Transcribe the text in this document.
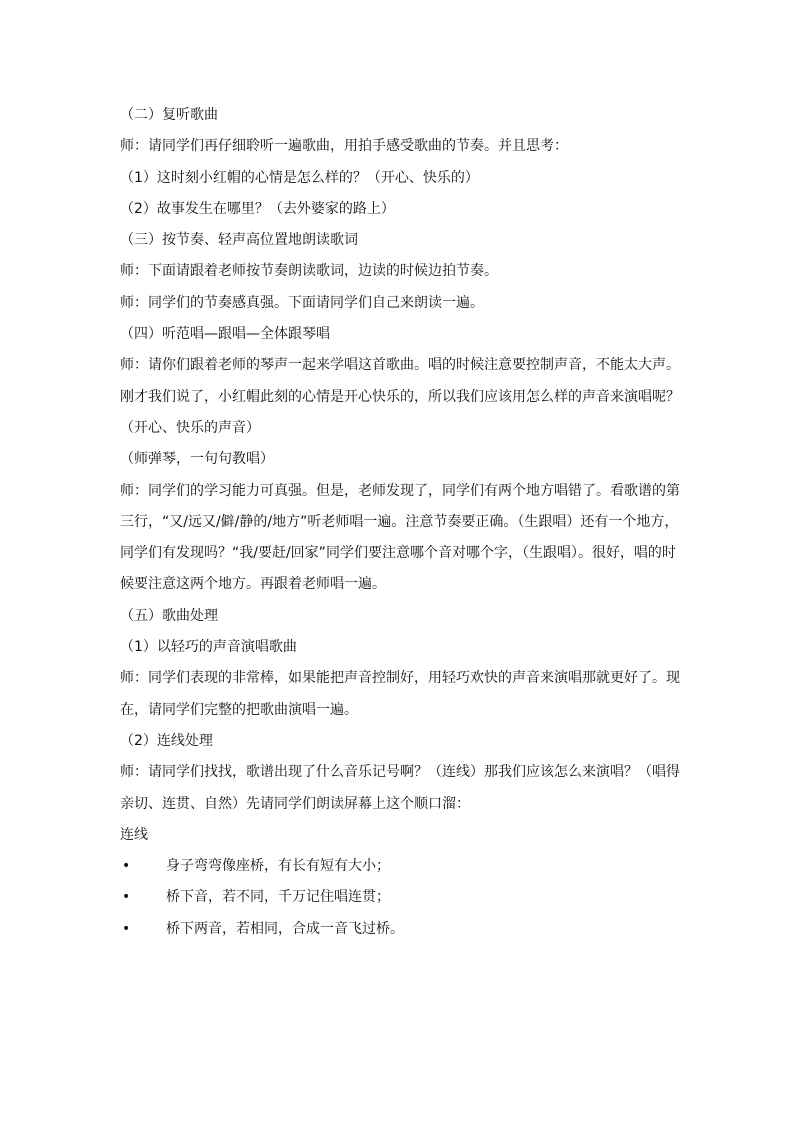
（二）复听歌曲
师：请同学们再仔细聆听一遍歌曲，用拍手感受歌曲的节奏。并且思考：
（1）这时刻小红帽的心情是怎么样的？（开心、快乐的）
（2）故事发生在哪里？（去外婆家的路上）
（三）按节奏、轻声高位置地朗读歌词
师：下面请跟着老师按节奏朗读歌词，边读的时候边拍节奏。
师：同学们的节奏感真强。下面请同学们自己来朗读一遍。
（四）听范唱—跟唱—全体跟琴唱
师：请你们跟着老师的琴声一起来学唱这首歌曲。唱的时候注意要控制声音，不能太大声。刚才我们说了，小红帽此刻的心情是开心快乐的，所以我们应该用怎么样的声音来演唱呢？
（开心、快乐的声音）
（师弹琴，一句句教唱）
师：同学们的学习能力可真强。但是，老师发现了，同学们有两个地方唱错了。看歌谱的第三行，“又/远又/僻/静的/地方”听老师唱一遍。注意节奏要正确。（生跟唱）还有一个地方，同学们有发现吗？“我/要赶/回家”同学们要注意哪个音对哪个字，（生跟唱）。很好，唱的时候要注意这两个地方。再跟着老师唱一遍。
（五）歌曲处理
（1）以轻巧的声音演唱歌曲
师：同学们表现的非常棒，如果能把声音控制好，用轻巧欢快的声音来演唱那就更好了。现在，请同学们完整的把歌曲演唱一遍。
（2）连线处理
师：请同学们找找，歌谱出现了什么音乐记号啊？（连线）那我们应该怎么来演唱？（唱得亲切、连贯、自然）先请同学们朗读屏幕上这个顺口溜：
连线
•	身子弯弯像座桥，有长有短有大小；
•	桥下音，若不同，千万记住唱连贯；
•	桥下两音，若相同，合成一音飞过桥。
